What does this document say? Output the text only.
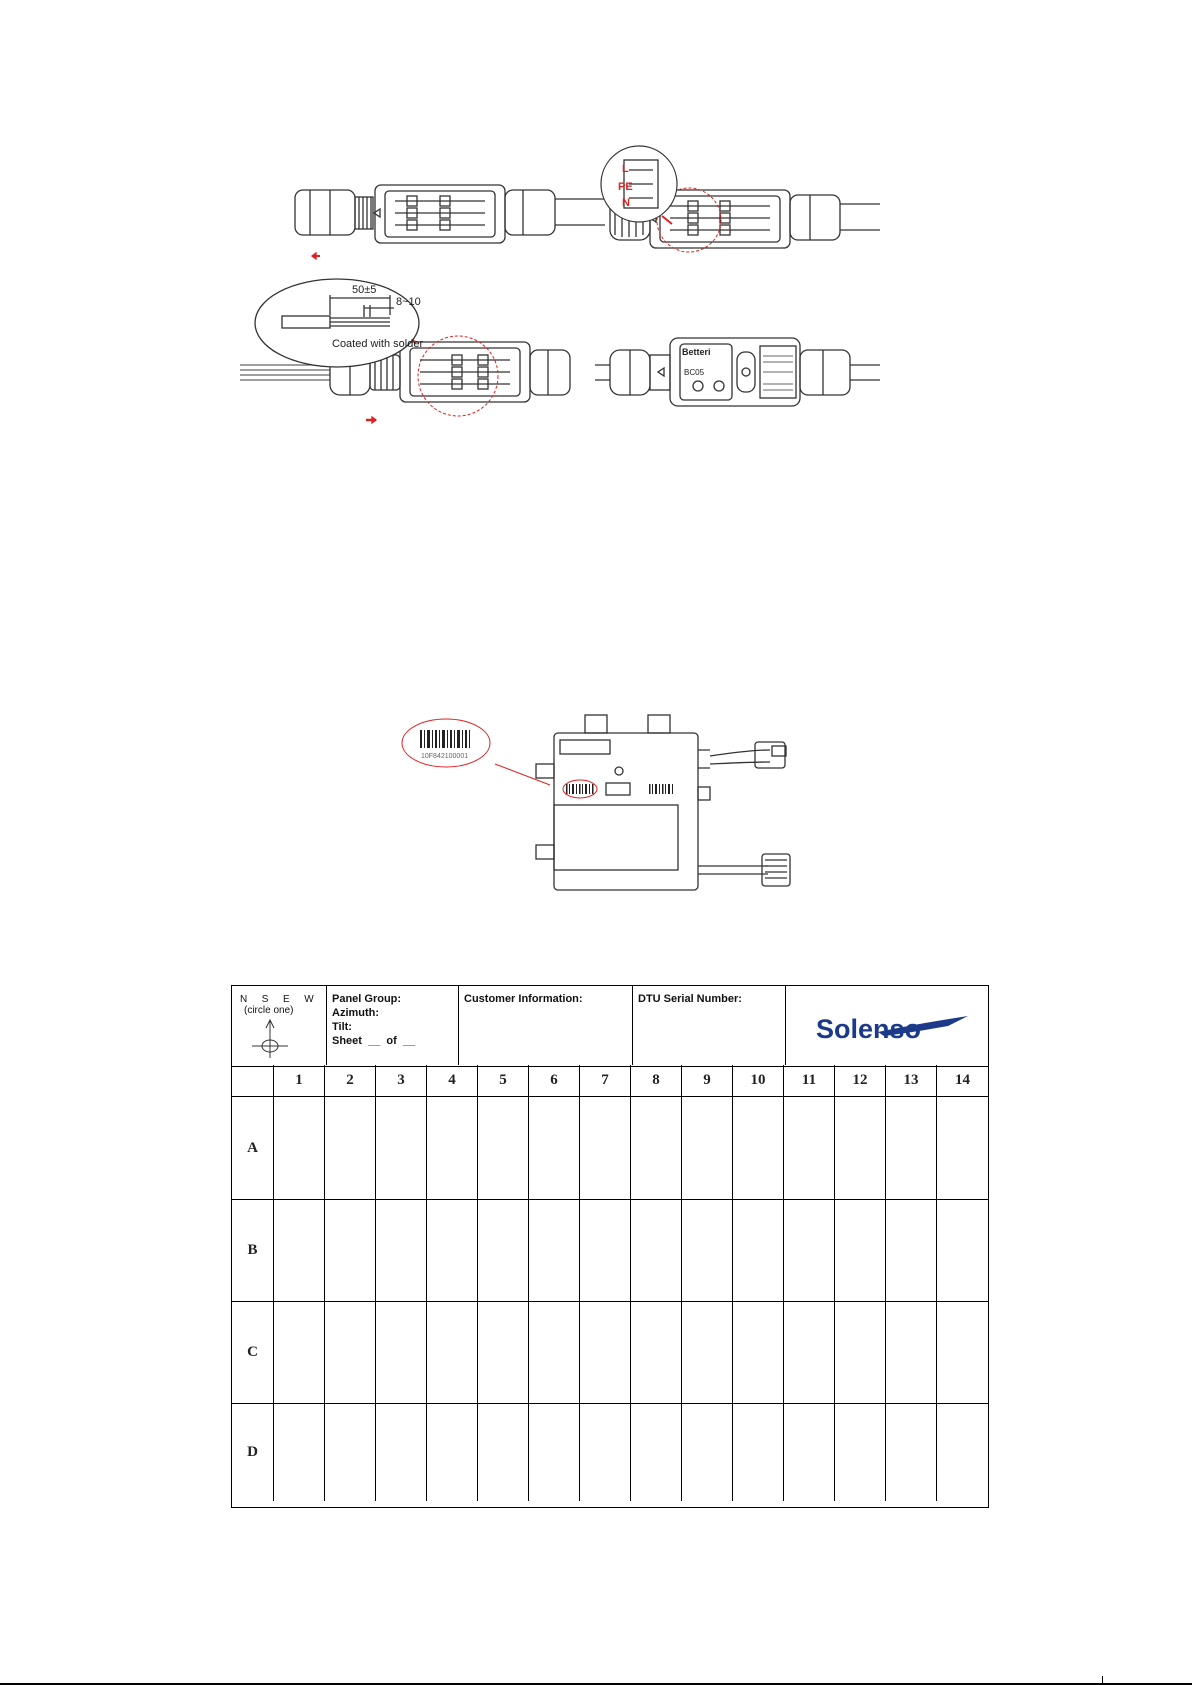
L
PE
N
50±5
8~10
Coated with solder
Betteri
BC05
10F842100001
N  S  E  W
(circle one)
Panel Group:
Azimuth:
Tilt:
Sheet  __  of  __
Customer Information:	DTU Serial Number:
Solenso
1	2	3	4	5	6	7	8	9	10	11	12	13	14
A
B
C
D
